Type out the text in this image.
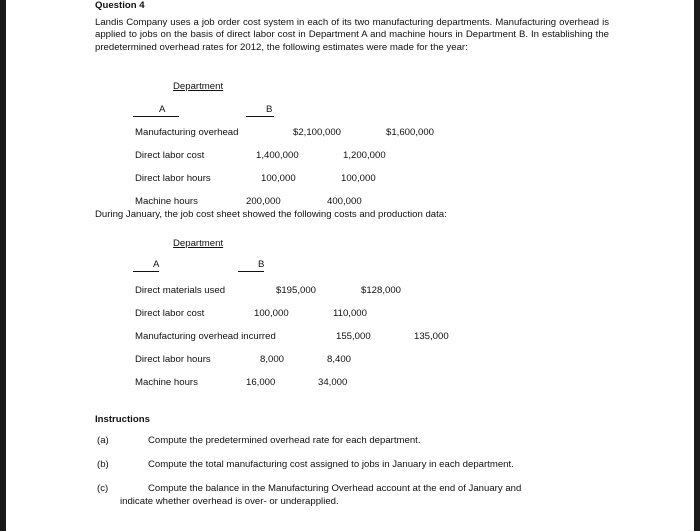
Question 4
Landis Company uses a job order cost system in each of its two manufacturing departments. Manufacturing overhead is applied to jobs on the basis of direct labor cost in Department A and machine hours in Department B. In establishing the predetermined overhead rates for 2012, the following estimates were made for the year:
Department
A	B
Manufacturing overhead	$2,100,000	$1,600,000
Direct labor cost	1,400,000	1,200,000
Direct labor hours	100,000	100,000
Machine hours	200,000	400,000
During January, the job cost sheet showed the following costs and production data:
Department
A	B
Direct materials used	$195,000	$128,000
Direct labor cost	100,000	110,000
Manufacturing overhead incurred	155,000	135,000
Direct labor hours	8,000	8,400
Machine hours	16,000	34,000
Instructions
(a)	Compute the predetermined overhead rate for each department.
(b)	Compute the total manufacturing cost assigned to jobs in January in each department.
(c)	Compute the balance in the Manufacturing Overhead account at the end of January and
indicate whether overhead is over- or underapplied.
